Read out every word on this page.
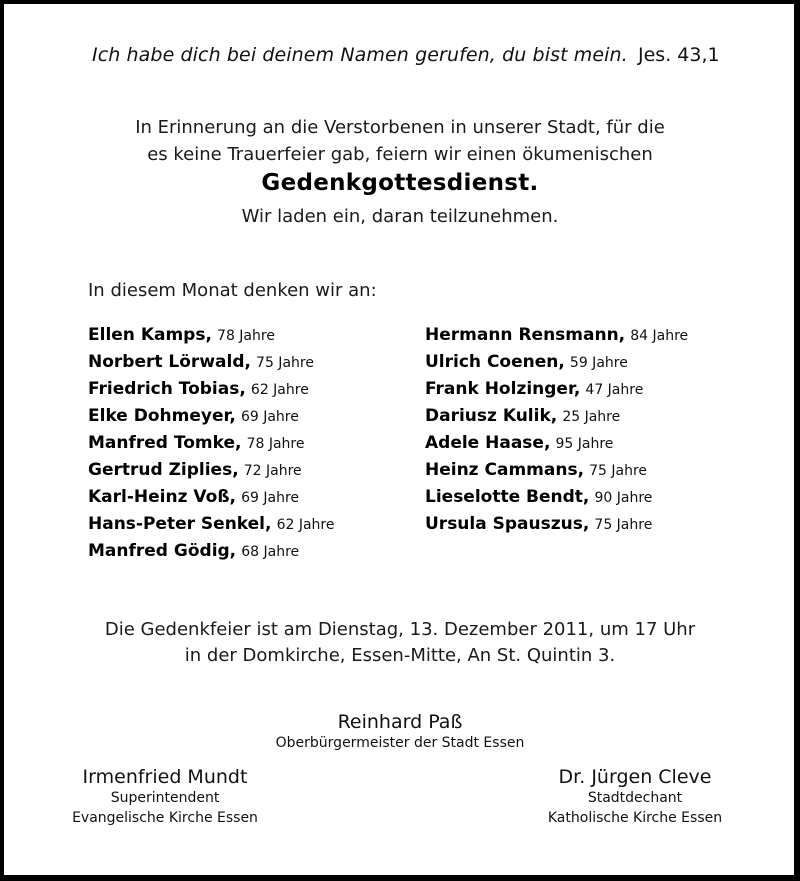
Ich habe dich bei deinem Namen gerufen, du bist mein. Jes. 43,1
In Erinnerung an die Verstorbenen in unserer Stadt, für die
es keine Trauerfeier gab, feiern wir einen ökumenischen
Gedenkgottesdienst.
Wir laden ein, daran teilzunehmen.
In diesem Monat denken wir an:
Ellen Kamps, 78 Jahre
Norbert Lörwald, 75 Jahre
Friedrich Tobias, 62 Jahre
Elke Dohmeyer, 69 Jahre
Manfred Tomke, 78 Jahre
Gertrud Ziplies, 72 Jahre
Karl-Heinz Voß, 69 Jahre
Hans-Peter Senkel, 62 Jahre
Manfred Gödig, 68 Jahre
Hermann Rensmann, 84 Jahre
Ulrich Coenen, 59 Jahre
Frank Holzinger, 47 Jahre
Dariusz Kulik, 25 Jahre
Adele Haase, 95 Jahre
Heinz Cammans, 75 Jahre
Lieselotte Bendt, 90 Jahre
Ursula Spauszus, 75 Jahre
Die Gedenkfeier ist am Dienstag, 13. Dezember 2011, um 17 Uhr
in der Domkirche, Essen-Mitte, An St. Quintin 3.
Reinhard Paß
Oberbürgermeister der Stadt Essen
Irmenfried Mundt
Superintendent
Evangelische Kirche Essen
Dr. Jürgen Cleve
Stadtdechant
Katholische Kirche Essen
